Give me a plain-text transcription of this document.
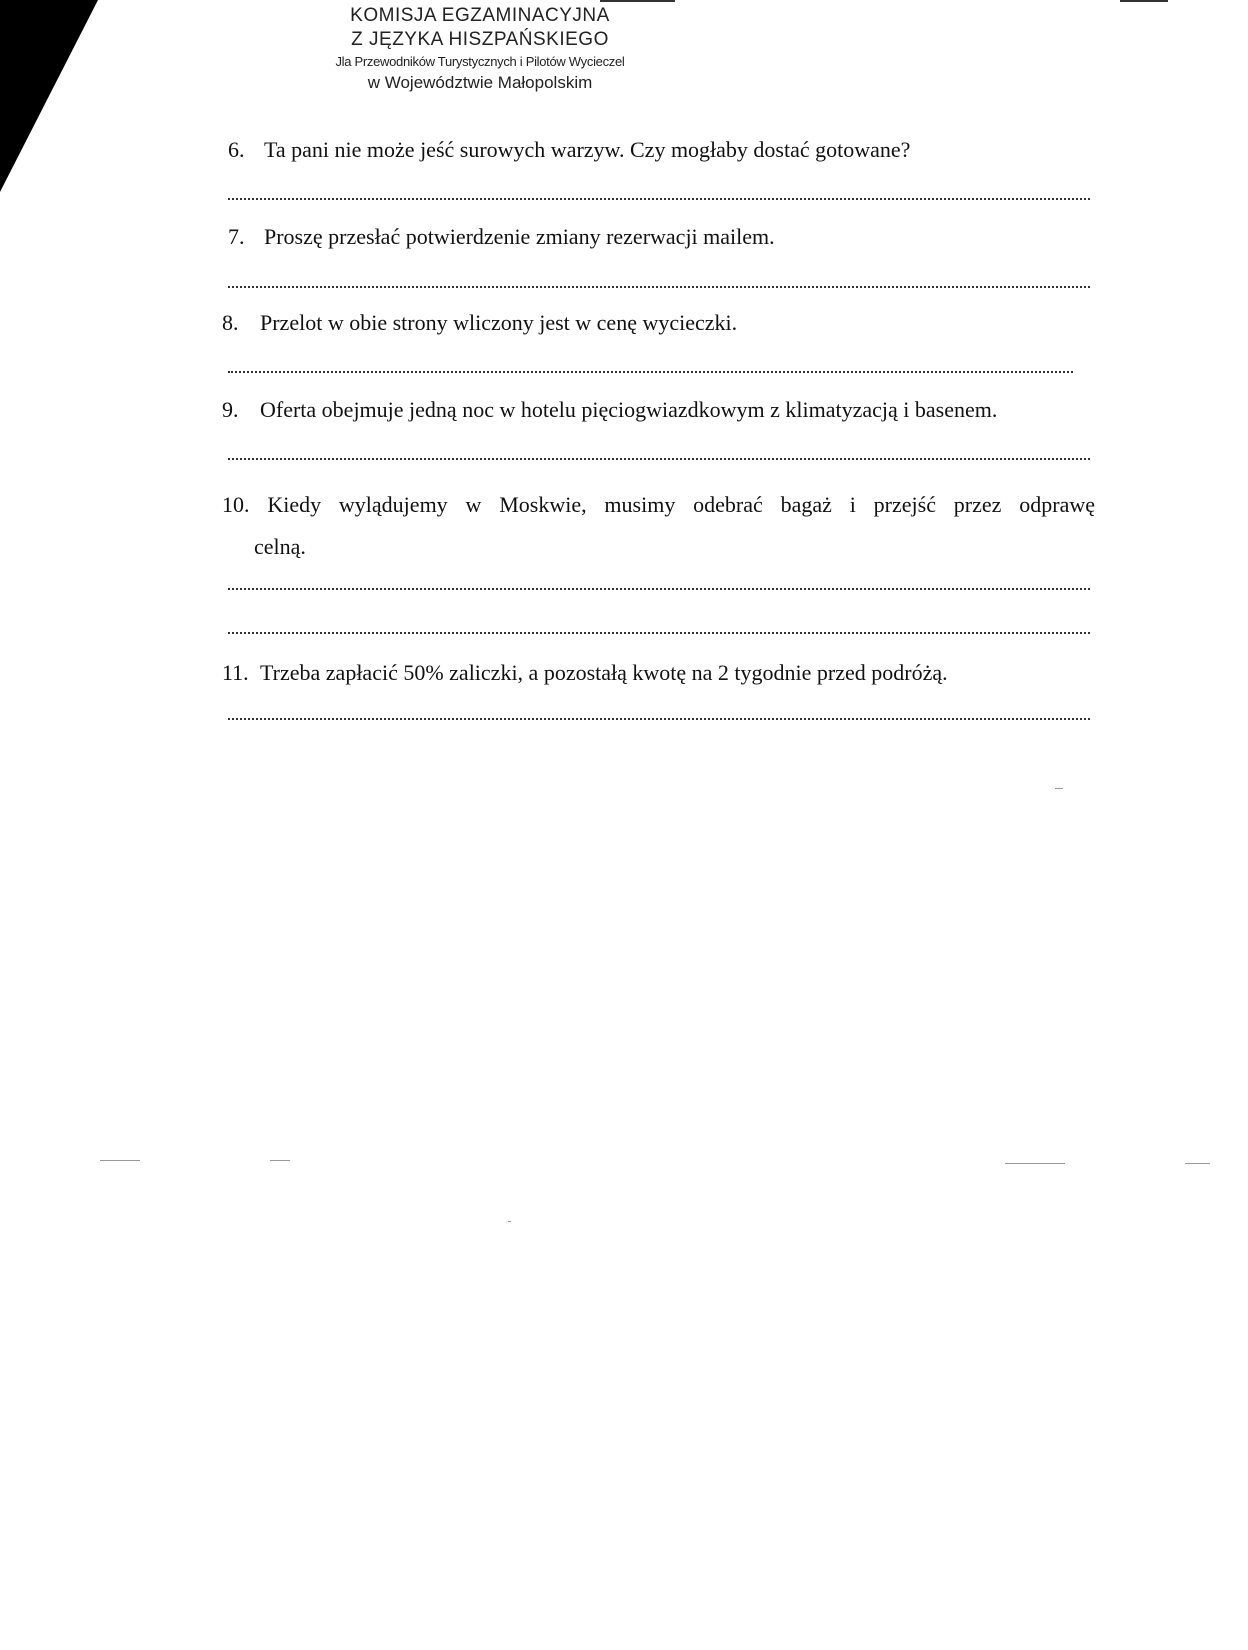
KOMISJA EGZAMINACYJNA
Z JĘZYKA HISZPAŃSKIEGO
Jla Przewodników Turystycznych i Pilotów Wycieczel
w Województwie Małopolskim
6. Ta pani nie może jeść surowych warzyw. Czy mogłaby dostać gotowane?
7. Proszę przesłać potwierdzenie zmiany rezerwacji mailem.
8. Przelot w obie strony wliczony jest w cenę wycieczki.
9. Oferta obejmuje jedną noc w hotelu pięciogwiazdkowym z klimatyzacją i basenem.
10. Kiedy wylądujemy w Moskwie, musimy odebrać bagaż i przejść przez odprawę
celną.
11. Trzeba zapłacić 50% zaliczki, a pozostałą kwotę na 2 tygodnie przed podróżą.
